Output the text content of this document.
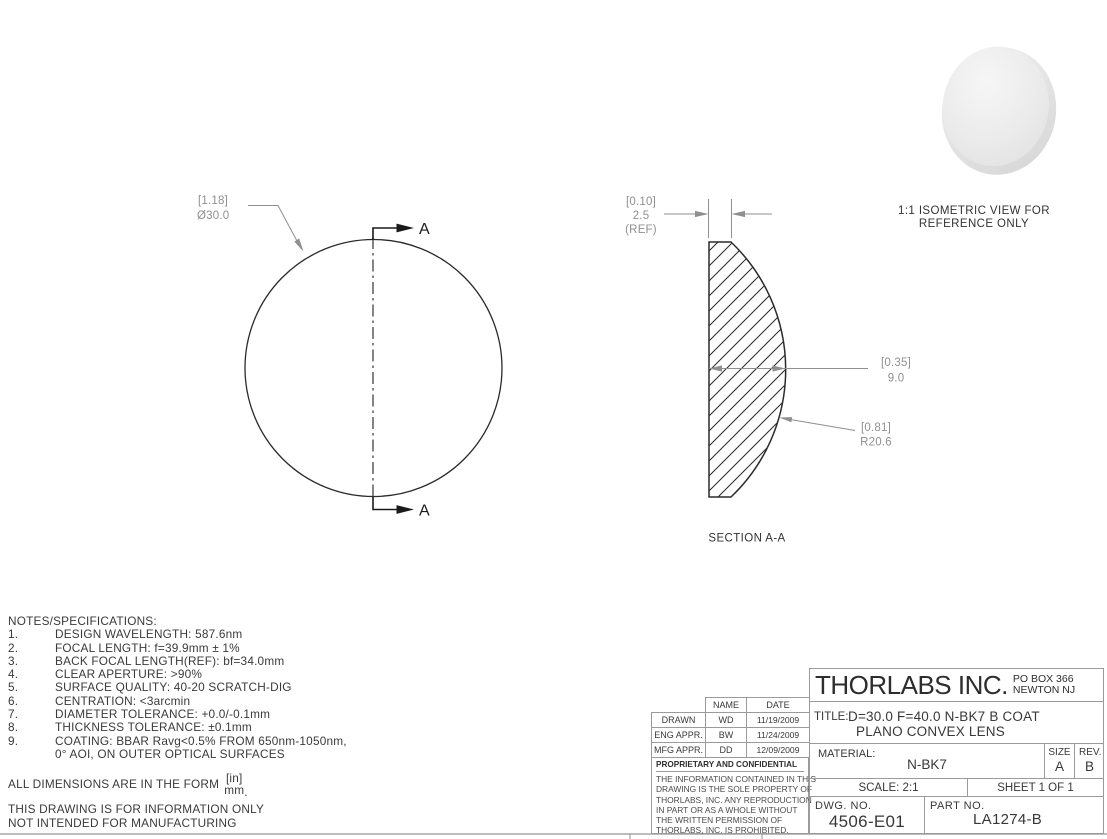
A
A
[1.18]
Ø30.0
[0.10]
2.5
(REF)
[0.35]
9.0
[0.81]
R20.6
SECTION A-A
1:1 ISOMETRIC VIEW FOR
REFERENCE ONLY
NOTES/SPECIFICATIONS:
1.	DESIGN WAVELENGTH: 587.6nm
2.	FOCAL LENGTH: f=39.9mm ± 1%
3.	BACK FOCAL LENGTH(REF): bf=34.0mm
4.	CLEAR APERTURE: >90%
5.	SURFACE QUALITY: 40-20 SCRATCH-DIG
6.	CENTRATION: <3arcmin
7.	DIAMETER TOLERANCE: +0.0/-0.1mm
8.	THICKNESS TOLERANCE: ±0.1mm
9.	COATING: BBAR Ravg<0.5% FROM 650nm-1050nm,
0° AOI, ON OUTER OPTICAL SURFACES
ALL DIMENSIONS ARE IN THE FORM [in]
mm .
THIS DRAWING IS FOR INFORMATION ONLY
NOT INTENDED FOR MANUFACTURING
NAME	DATE
DRAWN	WD	11/19/2009
ENG APPR.	BW	11/24/2009
MFG APPR.	DD	12/09/2009
PROPRIETARY AND CONFIDENTIAL
THE INFORMATION CONTAINED IN THIS
DRAWING IS THE SOLE PROPERTY OF
THORLABS, INC. ANY REPRODUCTION
IN PART OR AS A WHOLE WITHOUT
THE WRITTEN PERMISSION OF
THORLABS, INC. IS PROHIBITED.
THORLABS INC. PO BOX 366
NEWTON NJ
TITLE: D=30.0 F=40.0 N-BK7 B COAT
PLANO CONVEX LENS
MATERIAL:
N-BK7
SIZE
A
REV.
B
SCALE: 2:1	SHEET 1 OF 1
DWG. NO.
4506-E01
PART NO.
LA1274-B
